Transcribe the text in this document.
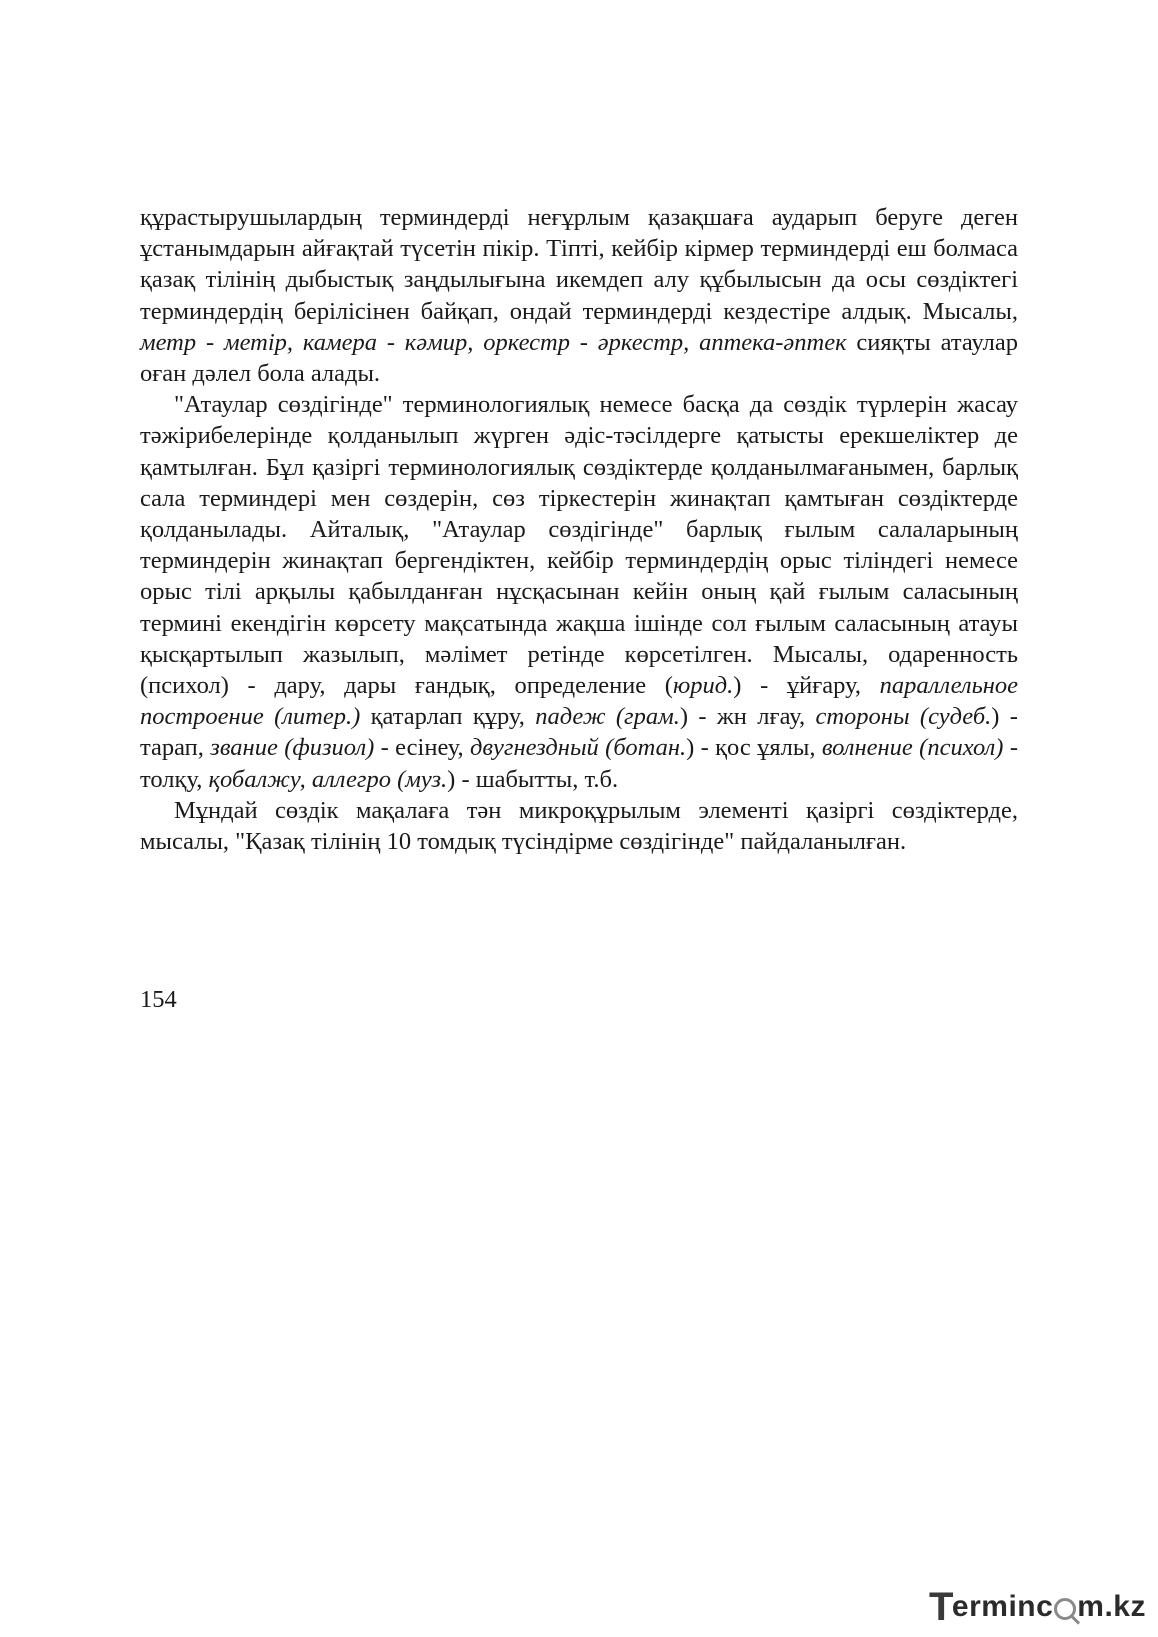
құрастырушылардың терминдерді неғұрлым қазақшаға аударып беруге деген ұстанымдарын айғақтай түсетін пікір. Тіпті, кейбір кірмер терминдерді еш болмаса қазақ тілінің дыбыстық заңдылығына икемдеп алу құбылысын да осы сөздіктегі терминдердің берілісінен байқап, ондай терминдерді кездестіре алдық. Мысалы, метр - метір, камера - кәмир, оркестр - әркестр, аптека-әптек сияқты атаулар оған дәлел бола алады.

"Атаулар сөздігінде" терминологиялық немесе басқа да сөздік түрлерін жасау тәжірибелерінде қолданылып жүрген әдіс-тәсілдерге қатысты ерекшеліктер де қамтылған. Бұл қазіргі терминологиялық сөздіктерде қолданылмағанымен, барлық сала терминдері мен сөздерін, сөз тіркестерін жинақтап қамтыған сөздіктерде қолданылады. Айталық, "Атаулар сөздігінде" барлық ғылым салаларының терминдерін жинақтап бергендіктен, кейбір терминдердің орыс тіліндегі немесе орыс тілі арқылы қабылданған нұсқасынан кейін оның қай ғылым саласының термині екендігін көрсету мақсатында жақша ішінде сол ғылым саласының атауы қысқартылып жазылып, мәлімет ретінде көрсетілген. Мысалы, одаренность (психол) - дару, дары ғандық, определение (юрид.) - ұйғару, параллельное построение (литер.) қатарлап құру, падеж (грам.) - жн лғау, стороны (судеб.) - тарап, звание (физиол) - есінеу, двугнездный (ботан.) - қос ұялы, волнение (психол) - толқу, қобалжу, аллегро (муз.) - шабытты, т.б.

Мұндай сөздік мақалаға тән микроқұрылым элементі қазіргі сөздіктерде, мысалы, "Қазақ тілінің 10 томдық түсіндірме сөздігінде" пайдаланылған.

154
T
erminc m.kz
